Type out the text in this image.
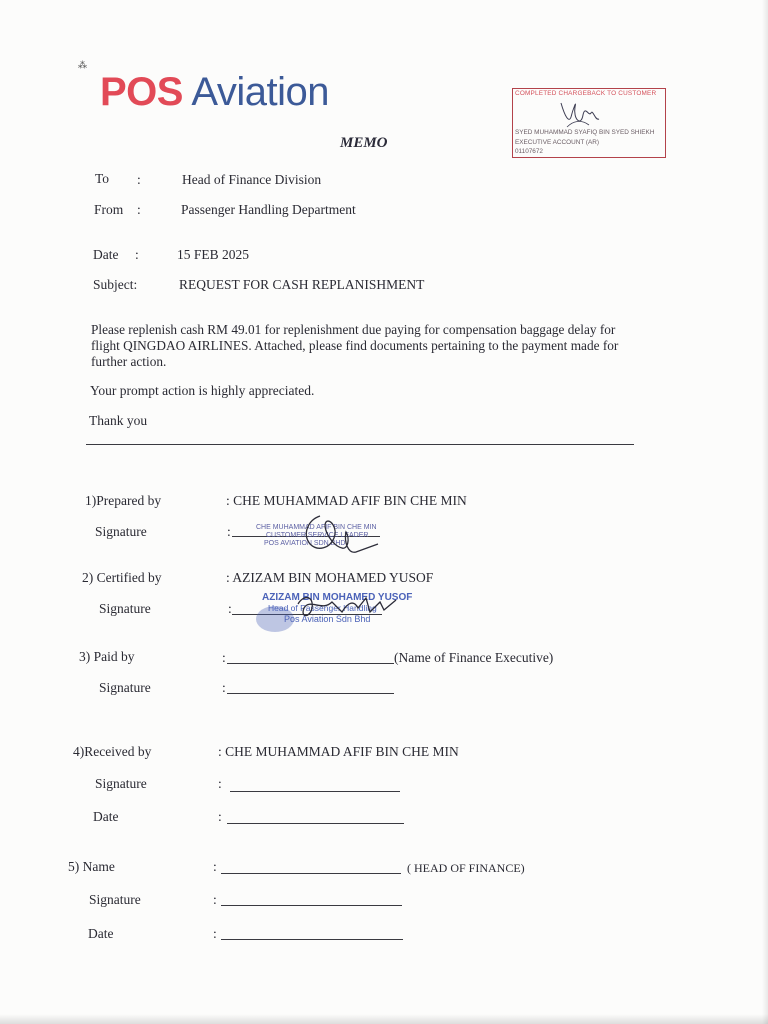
⁂
POS Aviation	COMPLETED CHARGEBACK TO CUSTOMER
SYED MUHAMMAD SYAFIQ BIN SYED SHIEKH
EXECUTIVE ACCOUNT (AR)
01107672
MEMO
To :	Head of Finance Division
From :	Passenger Handling Department
Date :	15 FEB 2025
Subject:	REQUEST FOR CASH REPLANISHMENT
Please replenish cash RM 49.01 for replenishment due paying for compensation baggage delay for flight QINGDAO AIRLINES. Attached, please find documents pertaining to the payment made for further action.
Your prompt action is highly appreciated.
Thank you
1)Prepared by	: CHE MUHAMMAD AFIF BIN CHE MIN
Signature	:	CHE MUHAMMAD AFIF BIN CHE MIN
CUSTOMER SERVICE LEADER
POS AVIATION SDN BHD
2) Certified by	: AZIZAM BIN MOHAMED YUSOF
Signature	:
AZIZAM BIN MOHAMED YUSOF
Head of Passenger Handling
Pos Aviation Sdn Bhd
3) Paid by	:	(Name of Finance Executive)
Signature	:
4)Received by	: CHE MUHAMMAD AFIF BIN CHE MIN
Signature	:
Date	:
5) Name	:	( HEAD OF FINANCE)
Signature	:
Date	:
